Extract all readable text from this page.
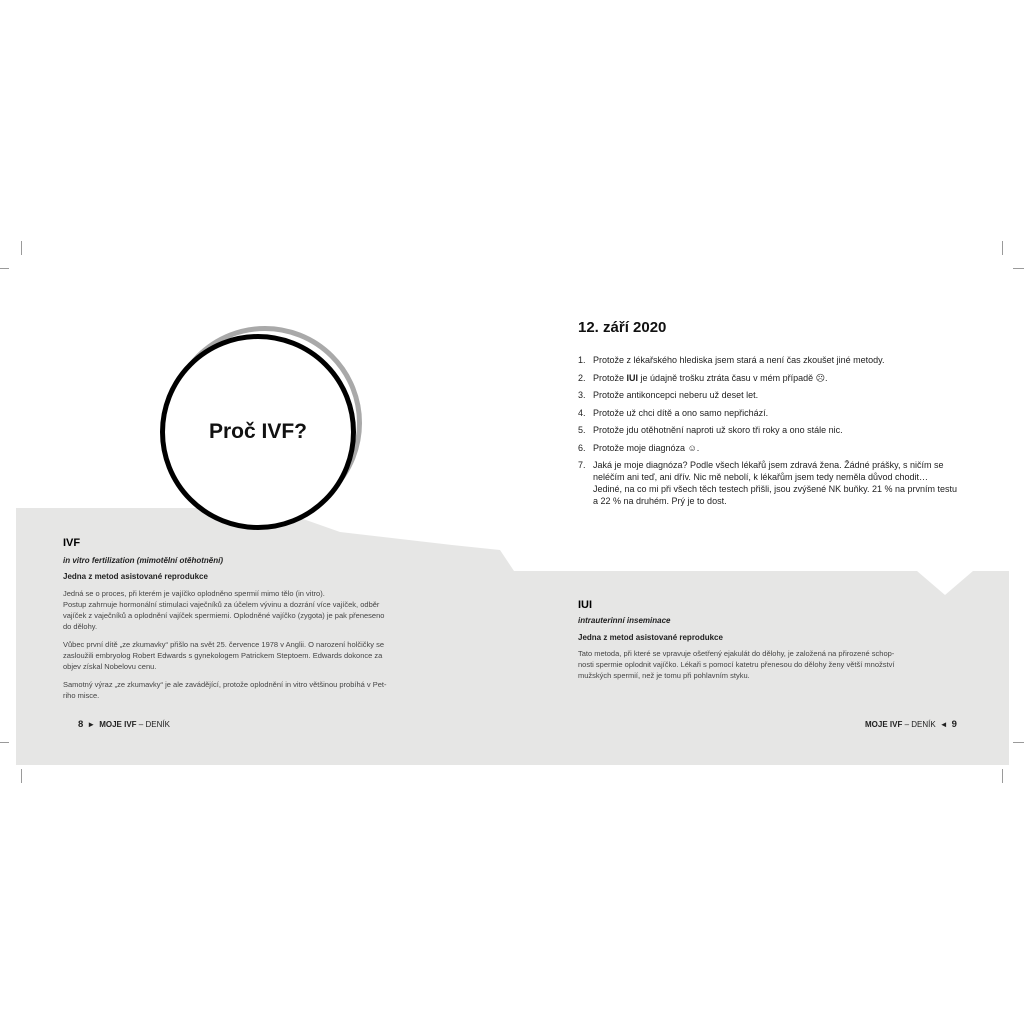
Proč IVF?
IVF
in vitro fertilization (mimotělní otěhotnění)
Jedna z metod asistované reprodukce
Jedná se o proces, při kterém je vajíčko oplodněno spermií mimo tělo (in vitro).
Postup zahrnuje hormonální stimulaci vaječníků za účelem vývinu a dozrání více vajíček, odběr
vajíček z vaječníků a oplodnění vajíček spermiemi. Oplodněné vajíčko (zygota) je pak přeneseno
do dělohy.
Vůbec první dítě „ze zkumavky“ přišlo na svět 25. července 1978 v Anglii. O narození holčičky se
zasloužili embryolog Robert Edwards s gynekologem Patrickem Steptoem. Edwards dokonce za
objev získal Nobelovu cenu.
Samotný výraz „ze zkumavky“ je ale zavádějící, protože oplodnění in vitro většinou probíhá v Pet-
riho misce.
8 ► MOJE IVF – DENÍK
12. září 2020
1. Protože z lékařského hlediska jsem stará a není čas zkoušet jiné metody.
2. Protože IUI je údajně trošku ztráta času v mém případě ☹.
3. Protože antikoncepci neberu už deset let.
4. Protože už chci dítě a ono samo nepřichází.
5. Protože jdu otěhotnění naproti už skoro tři roky a ono stále nic.
6. Protože moje diagnóza ☺.
7. Jaká je moje diagnóza? Podle všech lékařů jsem zdravá žena. Žádné prášky, s ničím se neléčím ani teď, ani dřív. Nic mě nebolí, k lékařům jsem tedy neměla důvod chodit… Jediné, na co mi při všech těch testech přišli, jsou zvýšené NK buňky. 21 % na prvním testu a 22 % na druhém. Prý je to dost.
IUI
intrauterinní inseminace
Jedna z metod asistované reprodukce
Tato metoda, při které se vpravuje ošetřený ejakulát do dělohy, je založená na přirozené schop-
nosti spermie oplodnit vajíčko. Lékaři s pomocí katetru přenesou do dělohy ženy větší množství
mužských spermií, než je tomu při pohlavním styku.
MOJE IVF – DENÍK ◄ 9
